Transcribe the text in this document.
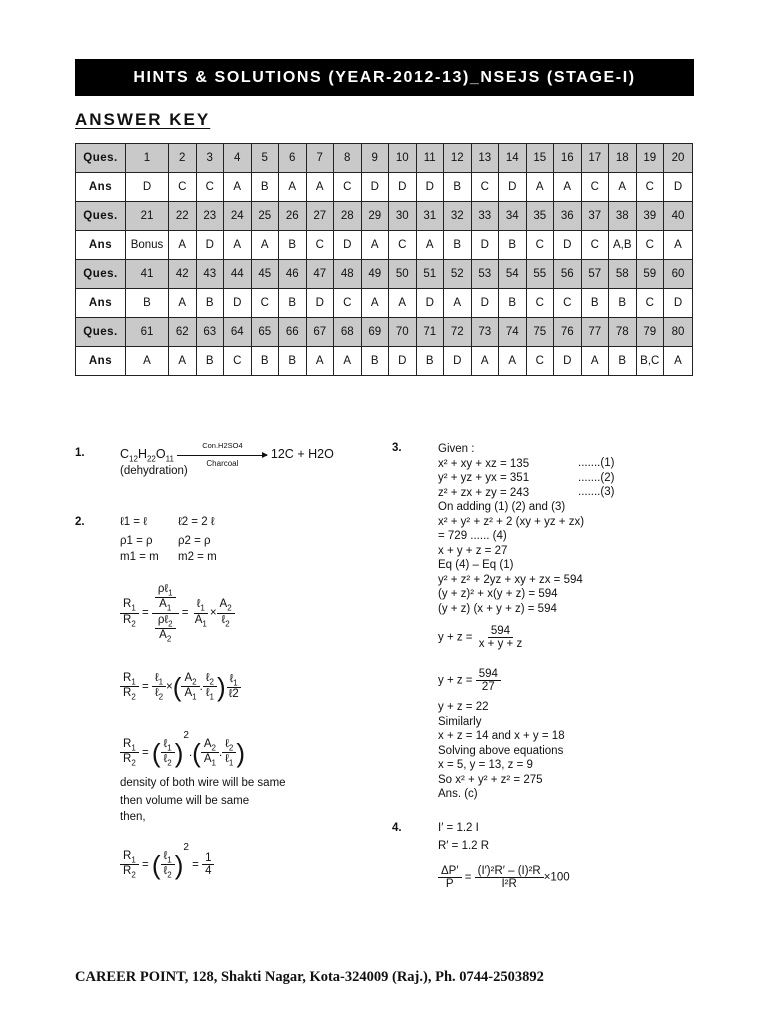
HINTS & SOLUTIONS (YEAR-2012-13)_NSEJS (STAGE-I)
ANSWER KEY
Ques.	1	2	3	4	5	6	7	8	9	10	11	12	13	14	15	16	17	18	19	20
Ans	D	C	C	A	B	A	A	C	D	D	D	B	C	D	A	A	C	A	C	D
Ques.	21	22	23	24	25	26	27	28	29	30	31	32	33	34	35	36	37	38	39	40
Ans	Bonus	A	D	A	A	B	C	D	A	C	A	B	D	B	C	D	C	A,B	C	A
Ques.	41	42	43	44	45	46	47	48	49	50	51	52	53	54	55	56	57	58	59	60
Ans	B	A	B	D	C	B	D	C	A	A	D	A	D	B	C	C	B	B	C	D
Ques.	61	62	63	64	65	66	67	68	69	70	71	72	73	74	75	76	77	78	79	80
Ans	A	A	B	C	B	B	A	A	B	D	B	D	A	A	C	D	A	B	B,C	A
1.	$C_{12}H_{22}O_{11}$
Con.H2SO4
Charcoal
12C + H2O
(dehydration)
2.	ℓ1 = ℓ	ℓ2 = 2 ℓ
ρ1 = ρ ρ2 = ρ
m1 = m m2 = m
$\frac{R_1}{R_2} = \frac{\frac{\rho\ell_1}{A_1}}{\frac{\rho\ell_2}{A_2}} = \frac{\ell_1}{A_1} \times \frac{A_2}{\ell_2}$
$\frac{R_1}{R_2} = \frac{\ell_1}{\ell_2}$ ×( $\frac{A_2}{A_1}$ . $\frac{\ell_2}{\ell_1}$ ) $\frac{\ell_1}{\text{ℓ2}}$
$\frac{R_1}{R_2}$ = ( $\frac{\ell_1}{\ell_2} )^2.( \frac{A_2}{A_1}$ . $\frac{\ell_2}{\ell_1}$ )
density of both wire will be same
then volume will be same
then,
$\frac{R_1}{R_2}$ = ( $\frac{\ell_1}{\ell_2} )^2 = \frac{1}{4}$
3.	Given :
x² + xy + xz = 135
y² + yz + yx = 351
z² + zx + zy = 243
On adding (1) (2) and (3)
x² + y² + z² + 2 (xy + yz + zx)
= 729 ...... (4)
x + y + z = 27
Eq (4) – Eq (1)
y² + z² + 2yz + xy + zx = 594
(y + z)² + x(y + z) = 594
(y + z) (x + y + z) = 594
.......(1)
.......(2)
.......(3)
$y + z = \frac{594}{x + y + z}$
$y + z = \frac{594}{27}$
y + z = 22
Similarly
x + z = 14 and x + y = 18
Solving above equations
x = 5, y = 13, z = 9
So x² + y² + z² = 275
Ans. (c)
4.	I′ = 1.2 I
R′ = 1.2 R
$\frac{\Delta P'}{P} = \frac{\text{(I′)²R′ – (I)²R}}{\text{I²R}} \times 100$
CAREER POINT, 128, Shakti Nagar, Kota-324009 (Raj.), Ph. 0744-2503892
